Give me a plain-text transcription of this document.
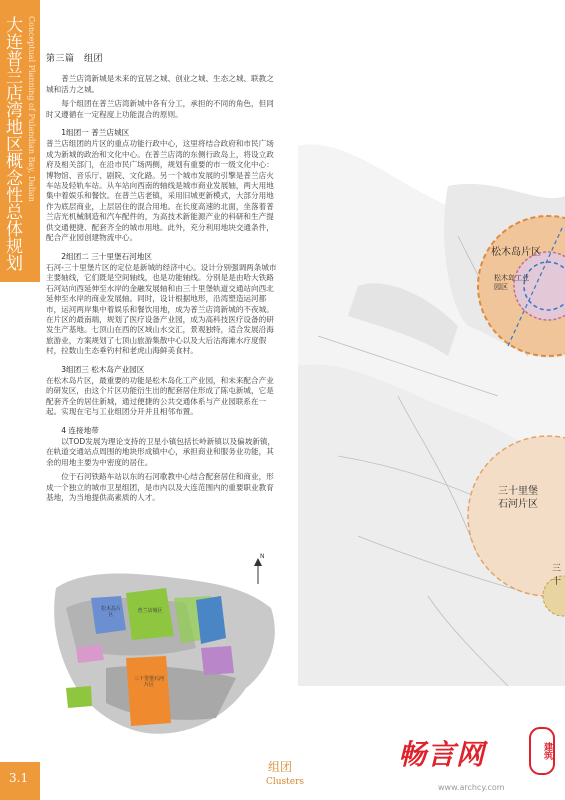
大连普兰店湾地区概念性总体规划 Conceptual Planning of Pulandian Bay, Dalian 第三篇　组团

普兰店湾新城是未来的宜居之城、创业之城、生态之城、联教之城和活力之城。

每个组团在普兰店湾新城中各有分工，承担的不同的角色，但同时又遵循在一定程度上功能混合的原则。

1组团一 普兰店城区

普兰店组团的片区的重点功能行政中心，这里将结合政府和市民广场成为新城的政治和文化中心。在普兰店湾的东侧行政岛上，将设立政府及相关部门，在沿市民广场两侧，规划有重要的市一级文化中心：博物馆、音乐厅、剧院、文化路。另一个城市发展的引擎是普兰店火车站及轻轨车站。从车站向西南的轴线是城市商业发展轴，两大用地集中着娱乐和餐饮。在普兰店老镇，采用旧城更新模式，大部分用地作为底层商业，上层居住的混合用地。在长度高速的北面，坐落着普兰店光机械制造和汽车配件的，为高技术新能源产业的科研和生产提供交通便捷、配套齐全的城市用地。此外，充分利用地块交通条件，配合产业园创建物流中心。

2组团二 三十里堡石河地区

石河-三十里堡片区的定位是新城的经济中心。设计分别强调两条城市主要轴线，它们既是空间轴线，也是功能轴线。分别是是由哈大铁路石河站向西延伸至水岸的金融发展轴和由三十里堡轨道交通站向西北延伸至水岸的商业发展轴。同时，设计根据地形，沿湾塑造运河都市，运河两岸集中着娱乐和餐饮用地，成为普兰店湾新城的不夜城。在片区的最南端，规划了医疗设备产业园，成为高科技医疗设备的研发生产基地。七顶山在西的区域山水交汇，景观独特，适合发展沿海旅游业，方案规划了七顶山旅游集散中心以及大后沽海滩水疗度假村，拉数山生态垂钓村和老虎山海鲜美食村。

3组团三 松木岛产业园区

在松木岛片区，最重要的功能是松木岛化工产业园，和未来配合产业的研发区，由这个片区功能衍生出的配套居住形成了陈屯新城，它是配套齐全的居住新城，通过便捷的公共交通体系与产业园联系在一起。实现在宅与工业组团分开并且相邻布置。

4 连接地带

以TOD发展为理论支持的卫星小镇包括长岭新镇以及偏坡新镇，在轨道交通站点周围的地块形成镇中心，承担商业和服务业功能，其余的用地主要为中密度的居住。

位于石河铁路车站以东的石河歌教中心结合配套居住和商业，形成一个独立的城市卫星组团，是市内以及大连范围内的重要职业教育基地，为当地提供高素质的人才。

松木岛片区
松木岛工业园区
三十里堡石河片区
三十
松木岛片区
普兰店城区
三十里堡石河片区
N
3.1
组团
Clusters
畅言网	建筑
www.archcy.com
